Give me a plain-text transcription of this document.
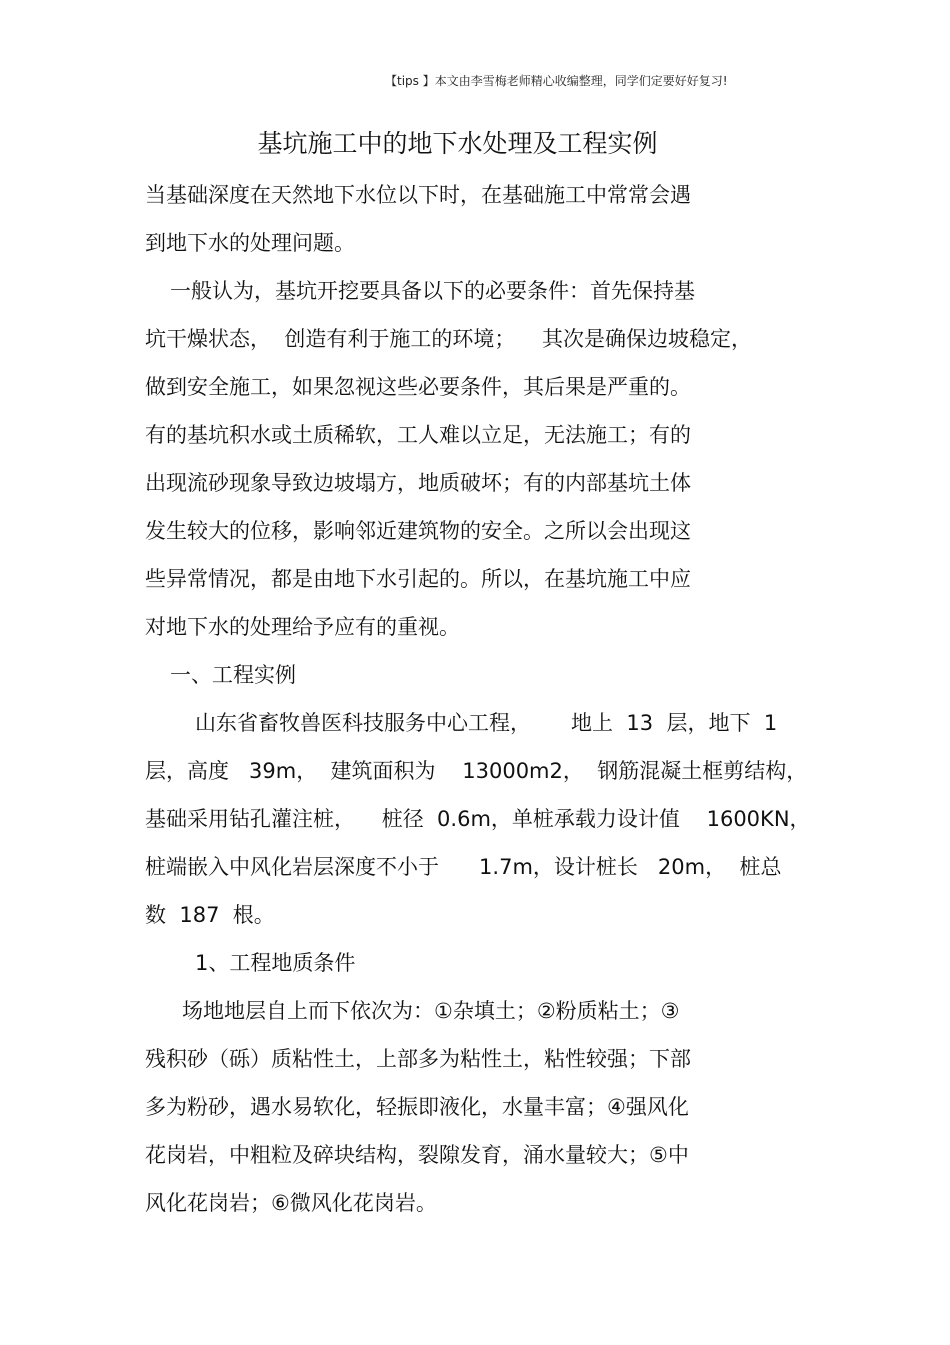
【tips 】本文由李雪梅老师精心收编整理，同学们定要好好复习!
基坑施工中的地下水处理及工程实例
当基础深度在天然地下水位以下时，在基础施工中常常会遇
到地下水的处理问题。
一般认为，基坑开挖要具备以下的必要条件：首先保持基
坑干燥状态，  创造有利于施工的环境；    其次是确保边坡稳定，
做到安全施工，如果忽视这些必要条件，其后果是严重的。
有的基坑积水或土质稀软，工人难以立足，无法施工；有的
出现流砂现象导致边坡塌方，地质破坏；有的内部基坑土体
发生较大的位移，影响邻近建筑物的安全。之所以会出现这
些异常情况，都是由地下水引起的。所以，在基坑施工中应
对地下水的处理给予应有的重视。
一、工程实例
山东省畜牧兽医科技服务中心工程，      地上  13  层，地下  1
层，高度   39m，  建筑面积为    13000m2，  钢筋混凝土框剪结构，
基础采用钻孔灌注桩，    桩径  0.6m，单桩承载力设计值    1600KN，
桩端嵌入中风化岩层深度不小于      1.7m，设计桩长   20m，  桩总
数  187  根。
1、工程地质条件
场地地层自上而下依次为：①杂填土；②粉质粘土；③
残积砂（砾）质粘性土，上部多为粘性土，粘性较强；下部
多为粉砂，遇水易软化，轻振即液化，水量丰富；④强风化
花岗岩，中粗粒及碎块结构，裂隙发育，涌水量较大；⑤中
风化花岗岩；⑥微风化花岗岩。
